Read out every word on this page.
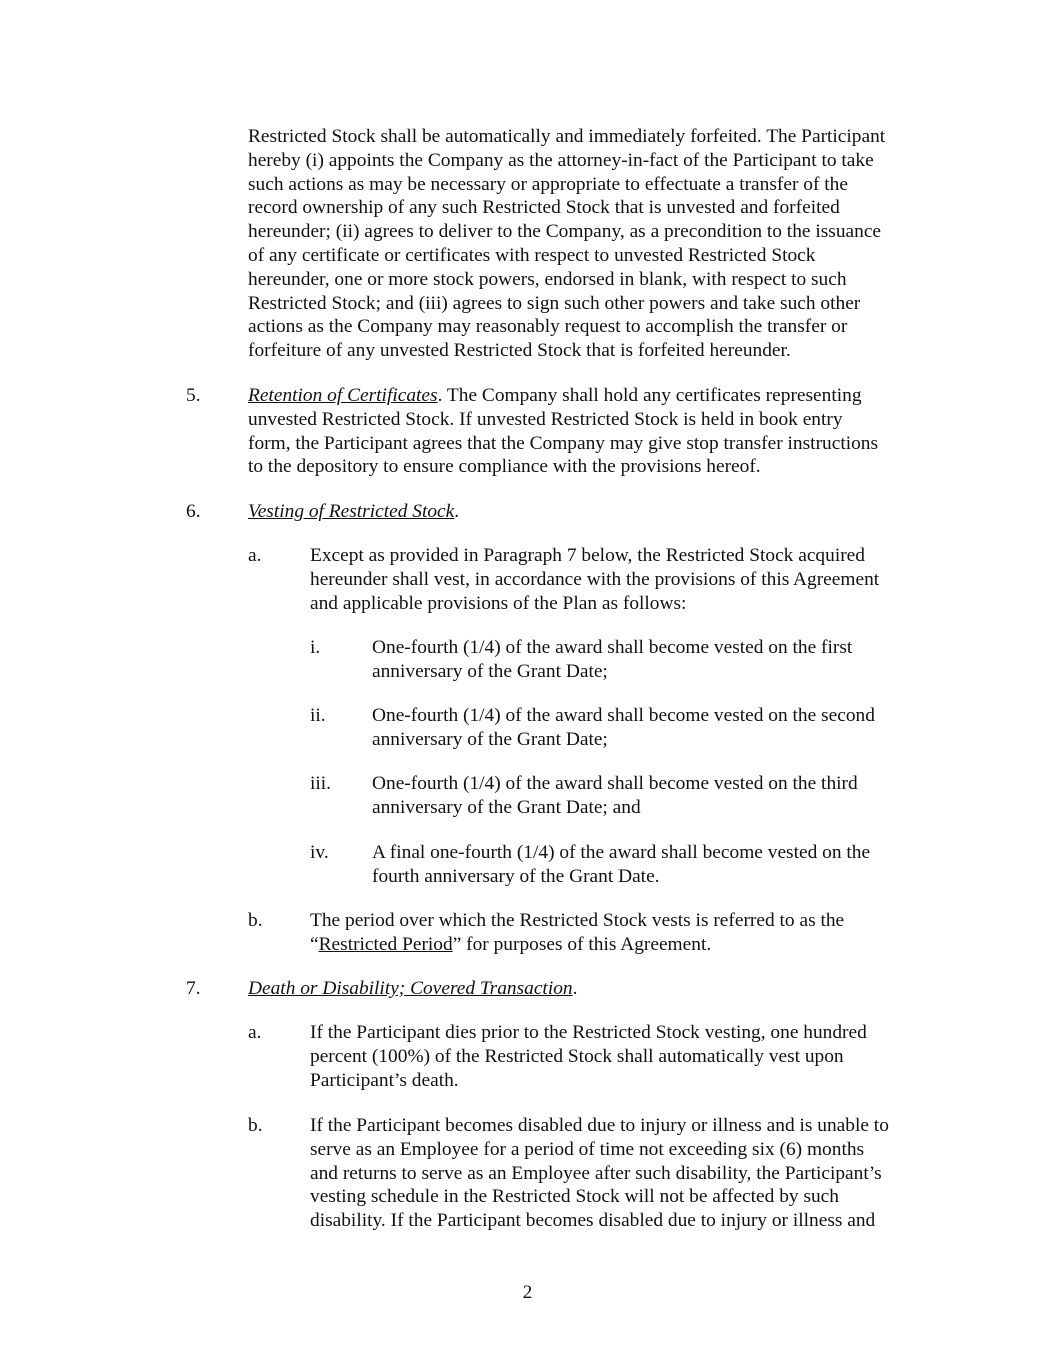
Restricted Stock shall be automatically and immediately forfeited. The Participant
hereby (i) appoints the Company as the attorney-in-fact of the Participant to take
such actions as may be necessary or appropriate to effectuate a transfer of the
record ownership of any such Restricted Stock that is unvested and forfeited
hereunder; (ii) agrees to deliver to the Company, as a precondition to the issuance
of any certificate or certificates with respect to unvested Restricted Stock
hereunder, one or more stock powers, endorsed in blank, with respect to such
Restricted Stock; and (iii) agrees to sign such other powers and take such other
actions as the Company may reasonably request to accomplish the transfer or
forfeiture of any unvested Restricted Stock that is forfeited hereunder.
5. Retention of Certificates. The Company shall hold any certificates representing
unvested Restricted Stock. If unvested Restricted Stock is held in book entry
form, the Participant agrees that the Company may give stop transfer instructions
to the depository to ensure compliance with the provisions hereof.
6. Vesting of Restricted Stock.
a.	Except as provided in Paragraph 7 below, the Restricted Stock acquired
hereunder shall vest, in accordance with the provisions of this Agreement
and applicable provisions of the Plan as follows:
i.	One-fourth (1/4) of the award shall become vested on the first
anniversary of the Grant Date;
ii. One-fourth (1/4) of the award shall become vested on the second
anniversary of the Grant Date;
iii. One-fourth (1/4) of the award shall become vested on the third
anniversary of the Grant Date; and
iv. A final one-fourth (1/4) of the award shall become vested on the
fourth anniversary of the Grant Date.
b. The period over which the Restricted Stock vests is referred to as the
“Restricted Period” for purposes of this Agreement.
7. Death or Disability; Covered Transaction.
a.	If the Participant dies prior to the Restricted Stock vesting, one hundred
percent (100%) of the Restricted Stock shall automatically vest upon
Participant’s death.
b. If the Participant becomes disabled due to injury or illness and is unable to
serve as an Employee for a period of time not exceeding six (6) months
and returns to serve as an Employee after such disability, the Participant’s
vesting schedule in the Restricted Stock will not be affected by such
disability. If the Participant becomes disabled due to injury or illness and
2
